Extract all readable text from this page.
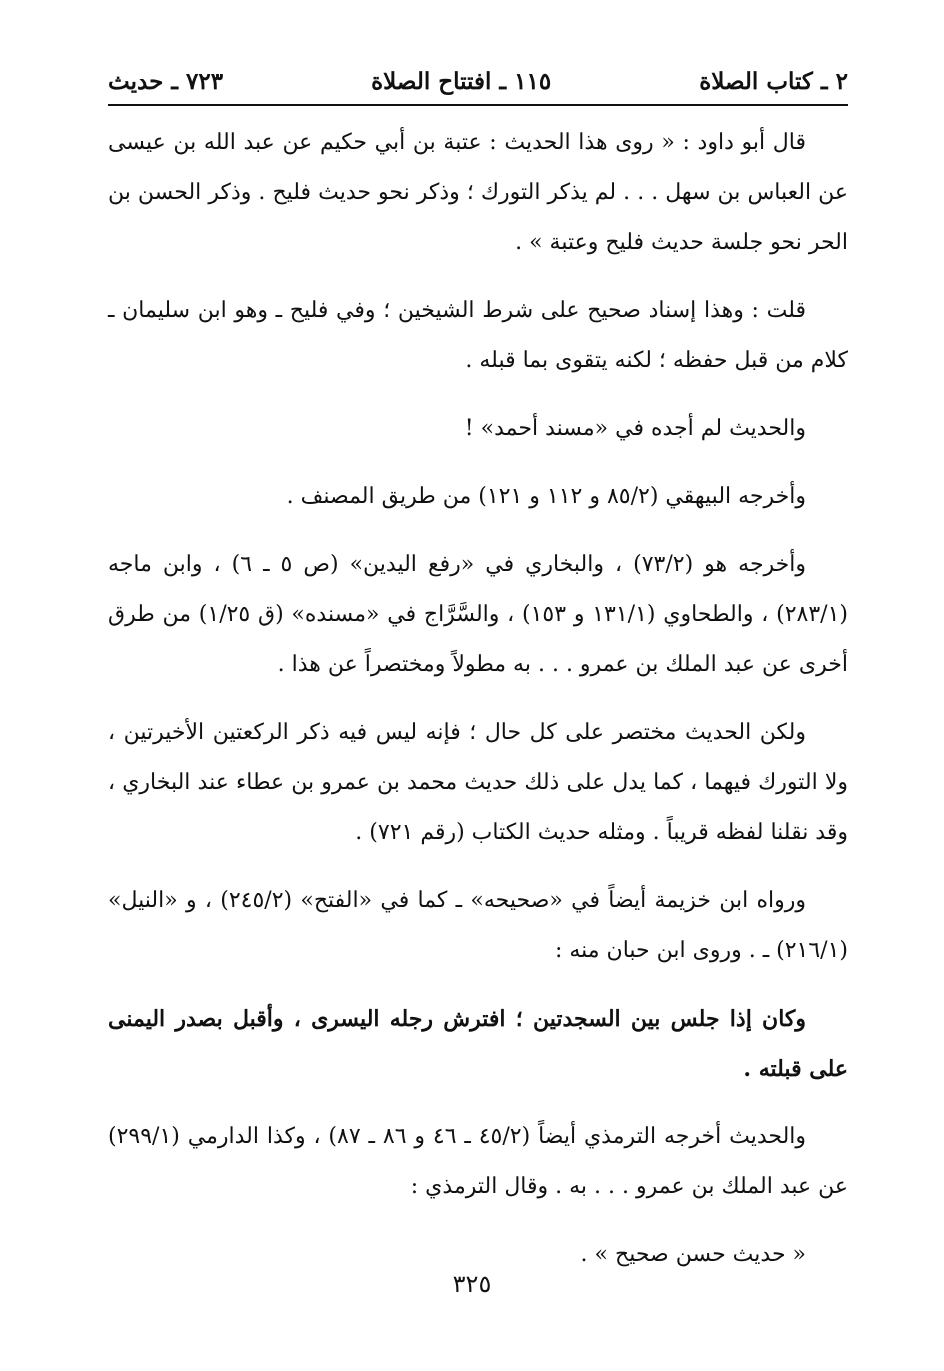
٢ ـ كتاب الصلاة
١١٥ ـ افتتاح الصلاة
٧٢٣ ـ حديث

قال أبو داود : « روى هذا الحديث : عتبة بن أبي حكيم عن عبد الله بن عيسى عن العباس بن سهل . . . لم يذكر التورك ؛ وذكر نحو حديث فليح . وذكر الحسن بن الحر نحو جلسة حديث فليح وعتبة » .

قلت : وهذا إسناد صحيح على شرط الشيخين ؛ وفي فليح ـ وهو ابن سليمان ـ كلام من قبل حفظه ؛ لكنه يتقوى بما قبله .

والحديث لم أجده في «مسند أحمد» !

وأخرجه البيهقي (٨٥/٢ و ١١٢ و ١٢١) من طريق المصنف .

وأخرجه هو (٧٣/٢) ، والبخاري في «رفع اليدين» (ص ٥ ـ ٦) ، وابن ماجه (٢٨٣/١) ، والطحاوي (١٣١/١ و ١٥٣) ، والسَّرَّاج في «مسنده» (ق ١/٢٥) من طرق أخرى عن عبد الملك بن عمرو . . . به مطولاً ومختصراً عن هذا .

ولكن الحديث مختصر على كل حال ؛ فإنه ليس فيه ذكر الركعتين الأخيرتين ، ولا التورك فيهما ، كما يدل على ذلك حديث محمد بن عمرو بن عطاء عند البخاري ، وقد نقلنا لفظه قريباً . ومثله حديث الكتاب (رقم ٧٢١) .

ورواه ابن خزيمة أيضاً في «صحيحه» ـ كما في «الفتح» (٢٤٥/٢) ، و «النيل» (٢١٦/١) ـ . وروى ابن حبان منه :

وكان إذا جلس بين السجدتين ؛ افترش رجله اليسرى ، وأقبل بصدر اليمنى على قبلته .

والحديث أخرجه الترمذي أيضاً (٤٥/٢ ـ ٤٦ و ٨٦ ـ ٨٧) ، وكذا الدارمي (٢٩٩/١) عن عبد الملك بن عمرو . . . به . وقال الترمذي :

« حديث حسن صحيح » .

٣٢٥
